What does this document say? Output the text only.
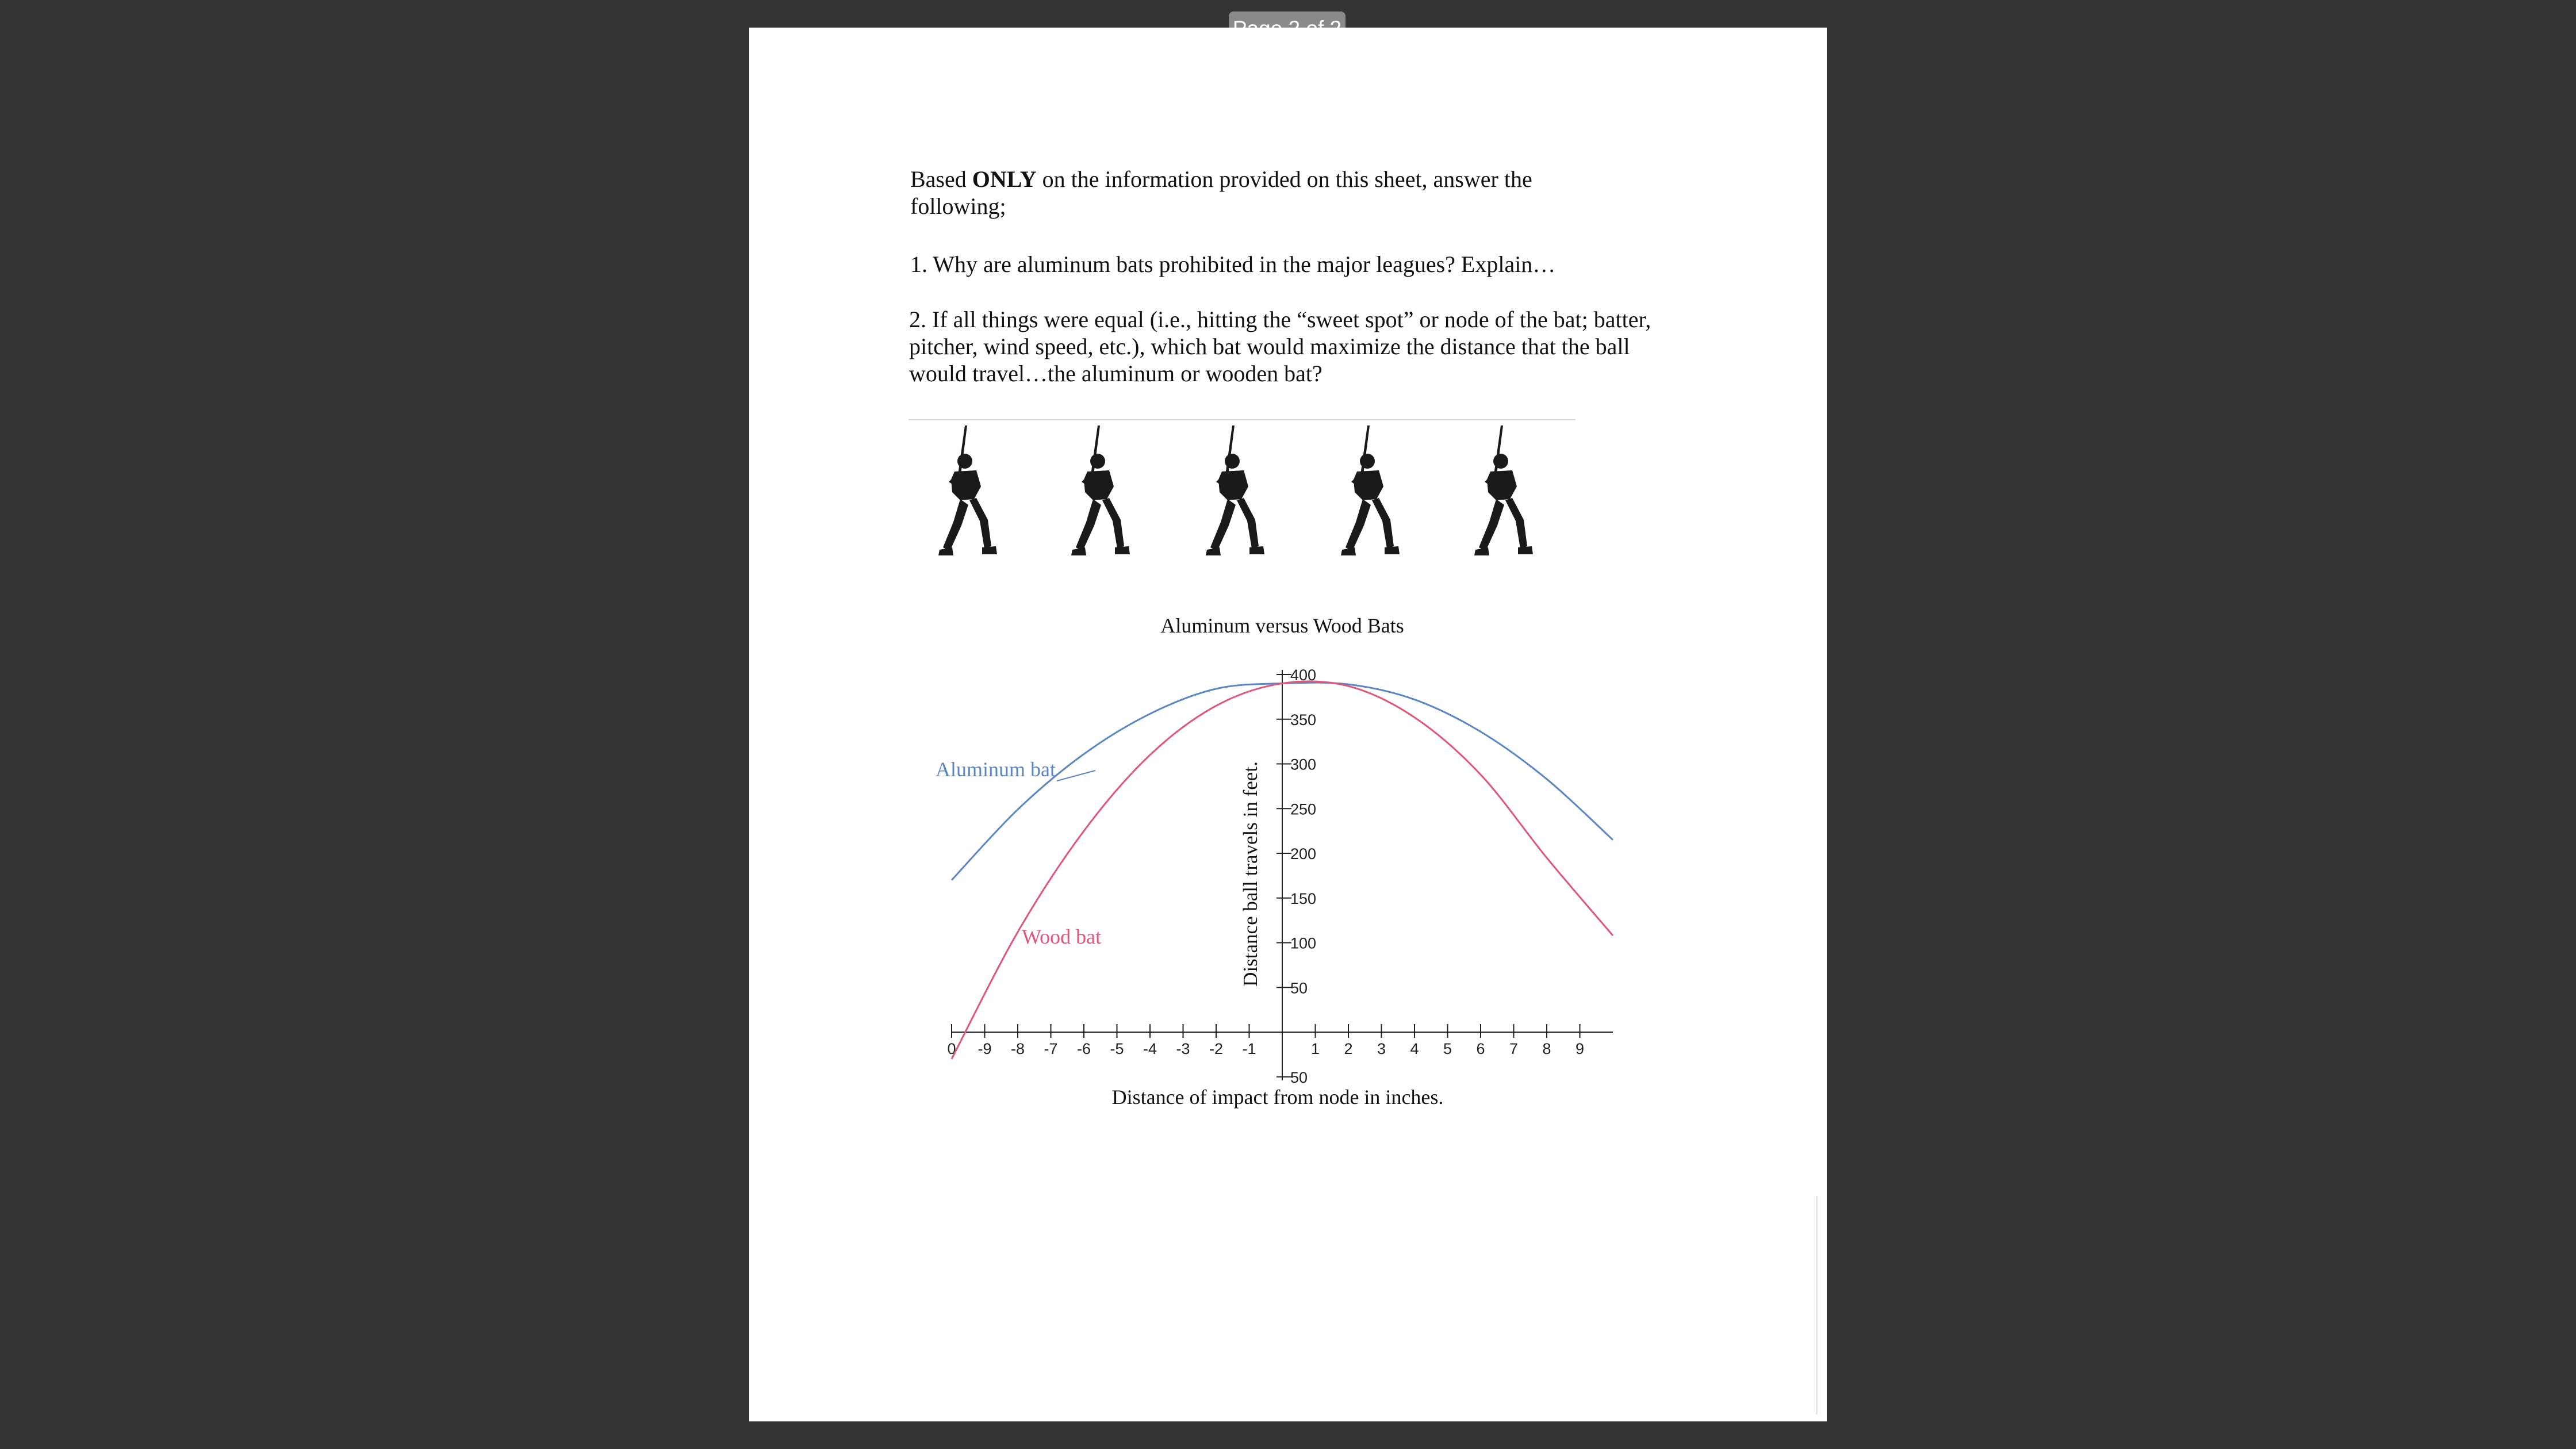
Based ONLY on the information provided on this sheet, answer the following;
1. Why are aluminum bats prohibited in the major leagues? Explain…
2. If all things were equal (i.e., hitting the “sweet spot” or node of the bat; batter, pitcher, wind speed, etc.), which bat would maximize the distance that the ball would travel…the aluminum or wooden bat?
Aluminum versus Wood Bats
0 -9 -8 -7 -6 -5 -4 -3 -2 -1	1 2 3 4 5 6 7 8 9
50
50
100
150
200
250
300
350
400
Aluminum bat
Wood bat	Distance ball travels in feet.
Distance of impact from node in inches.
